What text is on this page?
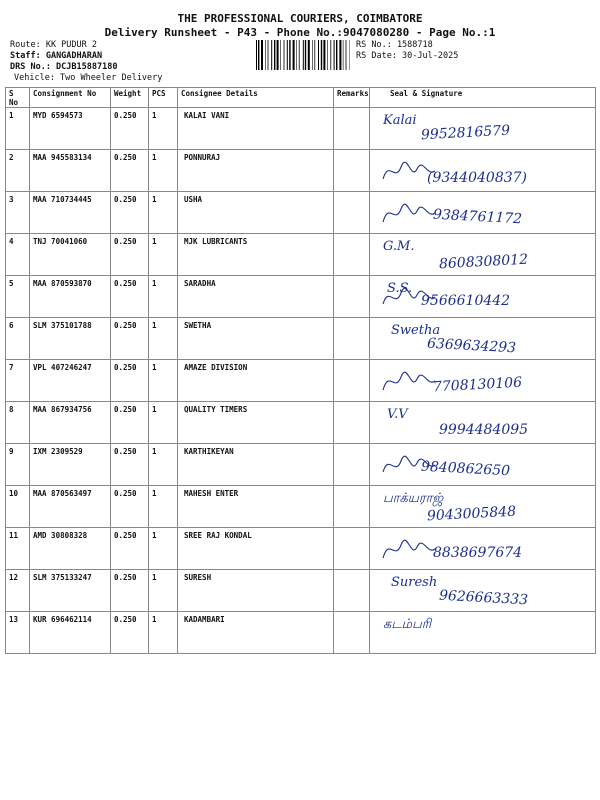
THE PROFESSIONAL COURIERS, COIMBATORE
Delivery Runsheet - P43 - Phone No.:9047080280 - Page No.:1
Route: KK PUDUR 2
Staff: GANGADHARAN
DRS No.: DCJB15887180
Vehicle: Two Wheeler Delivery
RS No.: 1588718
RS Date: 30-Jul-2025
S No	Consignment No	Weight	PCS	Consignee Details	Remarks	Seal & Signature
1	MYD 6594573	0.250	1	KALAI VANI		Kalai
9952816579

2	MAA 945583134	0.250	1	PONNURAJ		(9344040837)

3	MAA 710734445	0.250	1	USHA		9384761172

4	TNJ 70041060	0.250	1	MJK LUBRICANTS		G.M.
8608308012

5	MAA 870593870	0.250	1	SARADHA		S.S.
9566610442

6	SLM 375101788	0.250	1	SWETHA		Swetha
6369634293

7	VPL 407246247	0.250	1	AMAZE DIVISION		7708130106

8	MAA 867934756	0.250	1	QUALITY TIMERS		V.V
9994484095

9	IXM 2309529	0.250	1	KARTHIKEYAN		9840862650

10	MAA 870563497	0.250	1	MAHESH ENTER		பாக்யராஜ்
9043005848

11	AMD 30808328	0.250	1	SREE RAJ KONDAL		8838697674

12	SLM 375133247	0.250	1	SURESH		Suresh
9626663333

13	KUR 696462114	0.250	1	KADAMBARI		கடம்பரி
